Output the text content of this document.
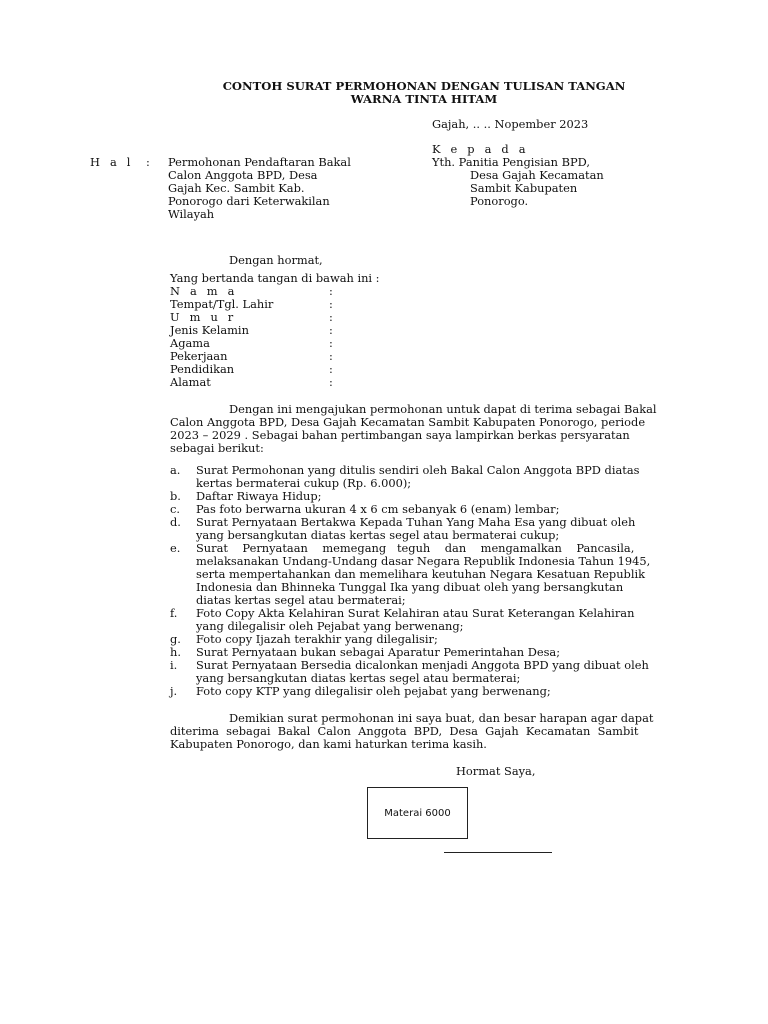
CONTOH SURAT PERMOHONAN DENGAN TULISAN TANGAN
WARNA TINTA HITAM
Gajah, .. .. Nopember 2023
K e p a d a
H a l : Permohonan Pendaftaran Bakal
Calon Anggota BPD, Desa
Gajah Kec. Sambit Kab.
Ponorogo dari Keterwakilan
Wilayah
Yth. Panitia Pengisian BPD,
Desa Gajah Kecamatan
Sambit Kabupaten
Ponorogo.
Dengan hormat,
Yang bertanda tangan di bawah ini :
N a m a	:
Tempat/Tgl. Lahir	:
U m u r	:
Jenis Kelamin	:
Agama	:
Pekerjaan	:
Pendidikan	:
Alamat	:
Dengan ini mengajukan permohonan untuk dapat di terima sebagai Bakal
Calon Anggota BPD, Desa Gajah Kecamatan Sambit Kabupaten Ponorogo, periode
2023 – 2029 . Sebagai bahan pertimbangan saya lampirkan berkas persyaratan
sebagai berikut:
a.	Surat Permohonan yang ditulis sendiri oleh Bakal Calon Anggota BPD diatas
kertas bermaterai cukup (Rp. 6.000);
b.	Daftar Riwaya Hidup;
c.	Pas foto berwarna ukuran 4 x 6 cm sebanyak 6 (enam) lembar;
d.	Surat Pernyataan Bertakwa Kepada Tuhan Yang Maha Esa yang dibuat oleh
yang bersangkutan diatas kertas segel atau bermaterai cukup;
e.	Surat    Pernyataan    memegang   teguh    dan    mengamalkan    Pancasila,
melaksanakan Undang-Undang dasar Negara Republik Indonesia Tahun 1945,
serta mempertahankan dan memelihara keutuhan Negara Kesatuan Republik
Indonesia dan Bhinneka Tunggal Ika yang dibuat oleh yang bersangkutan
diatas kertas segel atau bermaterai;
f.	Foto Copy Akta Kelahiran Surat Kelahiran atau Surat Keterangan Kelahiran
yang dilegalisir oleh Pejabat yang berwenang;
g.	Foto copy Ijazah terakhir yang dilegalisir;
h.	Surat Pernyataan bukan sebagai Aparatur Pemerintahan Desa;
i.	Surat Pernyataan Bersedia dicalonkan menjadi Anggota BPD yang dibuat oleh
yang bersangkutan diatas kertas segel atau bermaterai;
j.	Foto copy KTP yang dilegalisir oleh pejabat yang berwenang;
Demikian surat permohonan ini saya buat, dan besar harapan agar dapat
diterima  sebagai  Bakal  Calon  Anggota  BPD,  Desa  Gajah  Kecamatan  Sambit
Kabupaten Ponorogo, dan kami haturkan terima kasih.
Hormat Saya,
Materai 6000
